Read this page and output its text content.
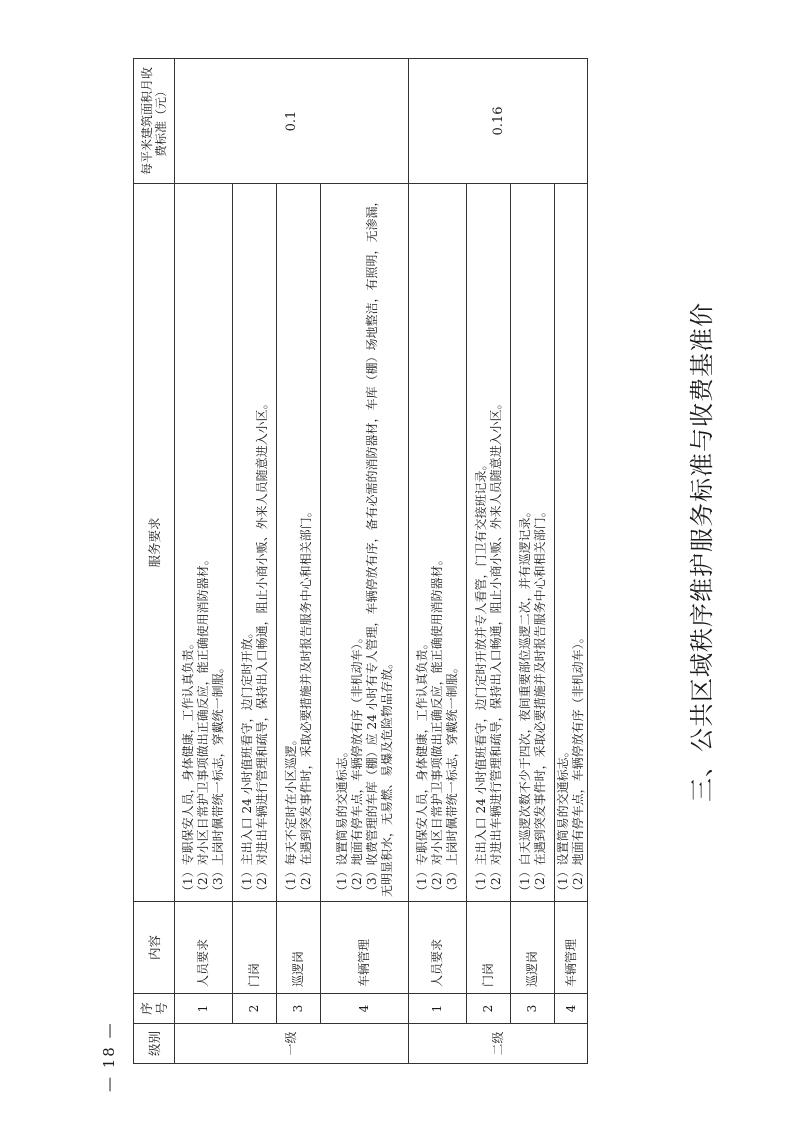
三、公共区域秩序维护服务标准与收费基准价
— 18 — 级别	序号	内容	服务要求	每平米建筑面积月收费标准（元）
一级	1	人员要求	（1）专职保安人员，身体健康，工作认真负责。 （2）对小区日常护卫事项做出正确反应，能正确使用消防器材。 （3）上岗时佩带统一标志，穿戴统一制服。	0.1
	2	门岗	（1）主出入口 24 小时值班看守，边门定时开放。 （2）对进出车辆进行管理和疏导，保持出入口畅通，阻止小商小贩、外来人员随意进入小区。	

	3	巡逻岗	（1）每天不定时在小区巡逻。 （2）在遇到突发事件时，采取必要措施并及时报告服务中心和相关部门。	

	4	车辆管理	（1）设置简易的交通标志。 （2）地面有停车点，车辆停放有序（非机动车）。 （3）收费管理的车库（棚）应 24 小时有专人管理，车辆停放有序，备有必需的消防器材，车库（棚）场地整洁，有照明，无渗漏，无明显积水，无易燃、易爆及危险物品存放。	

二级	1	人员要求	（1）专职保安人员，身体健康，工作认真负责。 （2）对小区日常护卫事项做出正确反应，能正确使用消防器材。 （3）上岗时佩带统一标志，穿戴统一制服。	0.16
	2	门岗	（1）主出入口 24 小时值班看守，边门定时开放并专人看管，门卫有交接班记录。 （2）对进出车辆进行管理和疏导，保持出入口畅通，阻止小商小贩、外来人员随意进入小区。	

	3	巡逻岗	（1）白天巡逻次数不少于四次，夜间重要部位巡逻二次，并有巡逻记录。 （2）在遇到突发事件时，采取必要措施并及时报告服务中心和相关部门。	

	4	车辆管理	（1）设置简易的交通标志。 （2）地面有停车点，车辆停放有序（非机动车）。	
